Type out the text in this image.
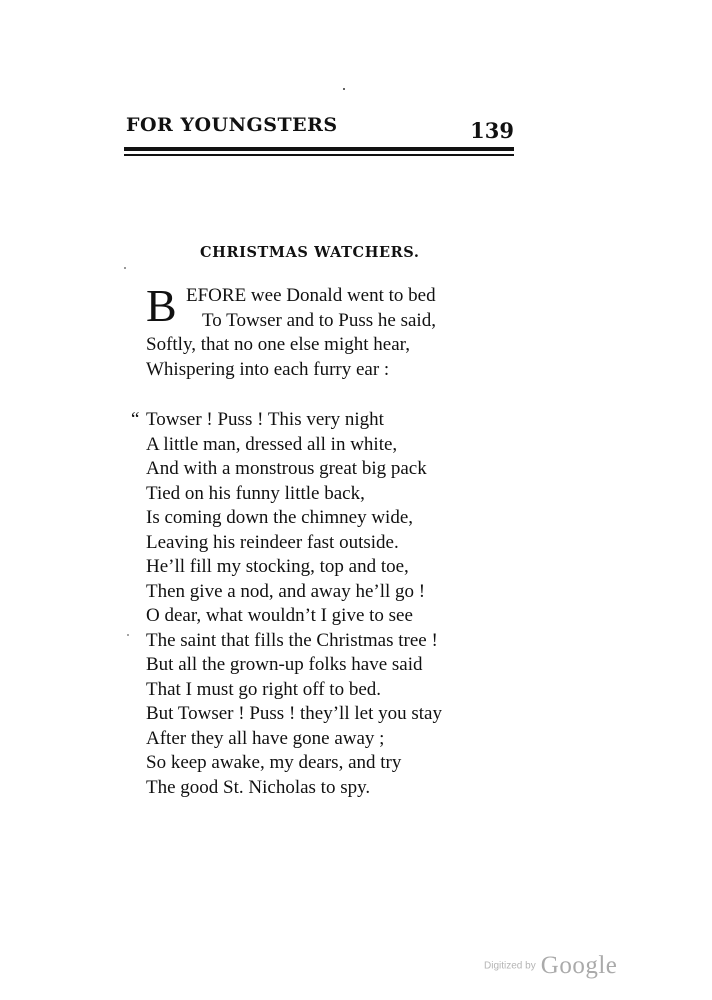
FOR YOUNGSTERS	139
CHRISTMAS WATCHERS.
B EFORE wee Donald went to bed
To Towser and to Puss he said,
Softly, that no one else might hear,
Whispering into each furry ear :
“ Towser ! Puss ! This very night
A little man, dressed all in white,
And with a monstrous great big pack
Tied on his funny little back,
Is coming down the chimney wide,
Leaving his reindeer fast outside.
He’ll fill my stocking, top and toe,
Then give a nod, and away he’ll go !
O dear, what wouldn’t I give to see
The saint that fills the Christmas tree !
But all the grown-up folks have said
That I must go right off to bed.
But Towser ! Puss ! they’ll let you stay
After they all have gone away ;
So keep awake, my dears, and try
The good St. Nicholas to spy.
Digitized by Google
